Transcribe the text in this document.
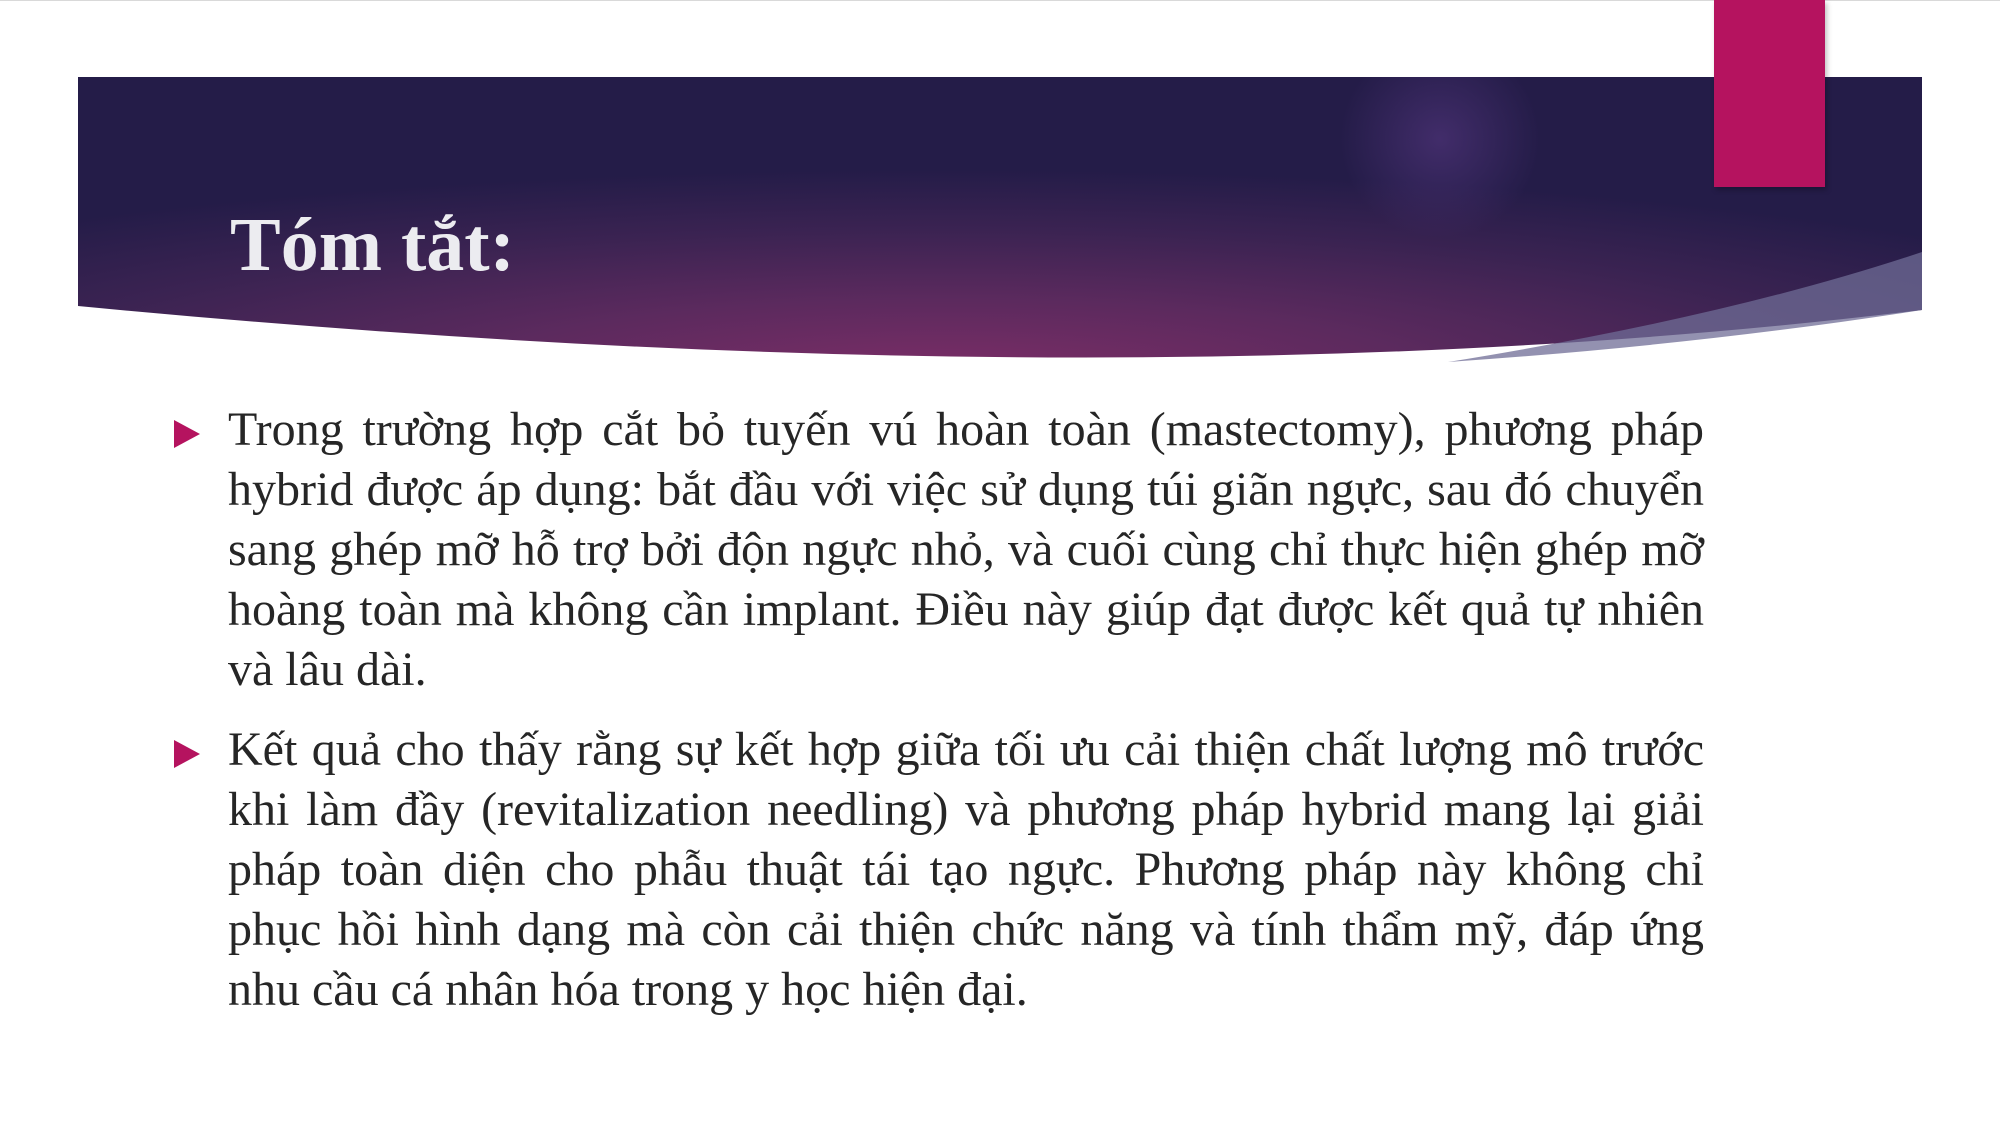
Tóm tắt:
Trong trường hợp cắt bỏ tuyến vú hoàn toàn (mastectomy), phương pháp hybrid được áp dụng: bắt đầu với việc sử dụng túi giãn ngực, sau đó chuyển sang ghép mỡ hỗ trợ bởi độn ngực nhỏ, và cuối cùng chỉ thực hiện ghép mỡ hoàng toàn mà không cần implant. Điều này giúp đạt được kết quả tự nhiên và lâu dài.
Kết quả cho thấy rằng sự kết hợp giữa tối ưu cải thiện chất lượng mô trước khi làm đầy (revitalization needling) và phương pháp hybrid mang lại giải pháp toàn diện cho phẫu thuật tái tạo ngực. Phương pháp này không chỉ phục hồi hình dạng mà còn cải thiện chức năng và tính thẩm mỹ, đáp ứng nhu cầu cá nhân hóa trong y học hiện đại.
